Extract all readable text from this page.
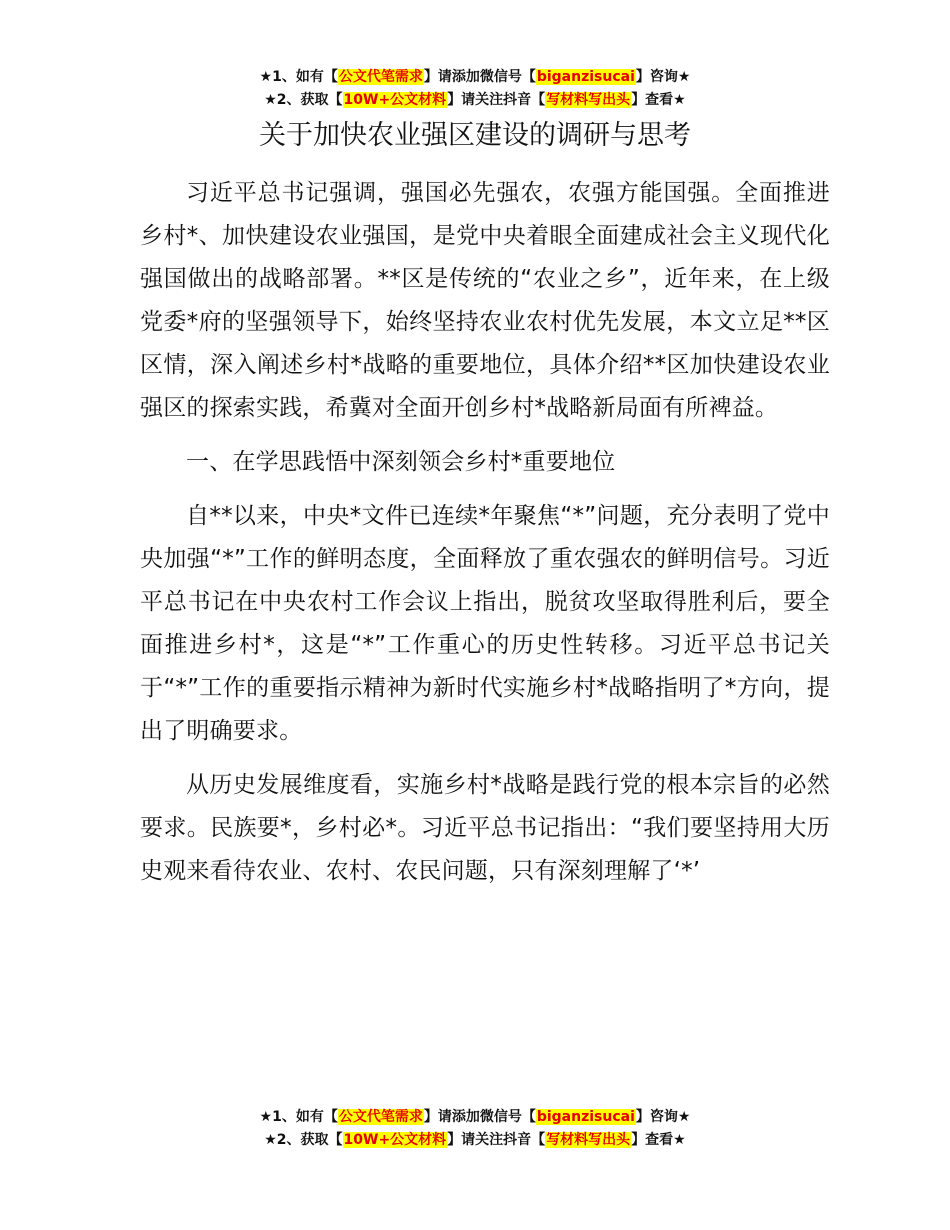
★1、如有【公文代笔需求】请添加微信号【biganzisucai】咨询★
★2、获取【10W+公文材料】请关注抖音【写材料写出头】查看★
关于加快农业强区建设的调研与思考

习近平总书记强调，强国必先强农，农强方能国强。全面推进乡村*、加快建设农业强国，是党中央着眼全面建成社会主义现代化强国做出的战略部署。**区是传统的“农业之乡”，近年来，在上级党委*府的坚强领导下，始终坚持农业农村优先发展，本文立足**区区情，深入阐述乡村*战略的重要地位，具体介绍**区加快建设农业强区的探索实践，希冀对全面开创乡村*战略新局面有所裨益。

一、在学思践悟中深刻领会乡村*重要地位

自**以来，中央*文件已连续*年聚焦“*”问题，充分表明了党中央加强“*”工作的鲜明态度，全面释放了重农强农的鲜明信号。习近平总书记在中央农村工作会议上指出，脱贫攻坚取得胜利后，要全面推进乡村*，这是“*”工作重心的历史性转移。习近平总书记关于“*”工作的重要指示精神为新时代实施乡村*战略指明了*方向，提出了明确要求。

从历史发展维度看，实施乡村*战略是践行党的根本宗旨的必然要求。民族要*，乡村必*。习近平总书记指出：“我们要坚持用大历史观来看待农业、农村、农民问题，只有深刻理解了‘*’

★1、如有【公文代笔需求】请添加微信号【biganzisucai】咨询★
★2、获取【10W+公文材料】请关注抖音【写材料写出头】查看★
